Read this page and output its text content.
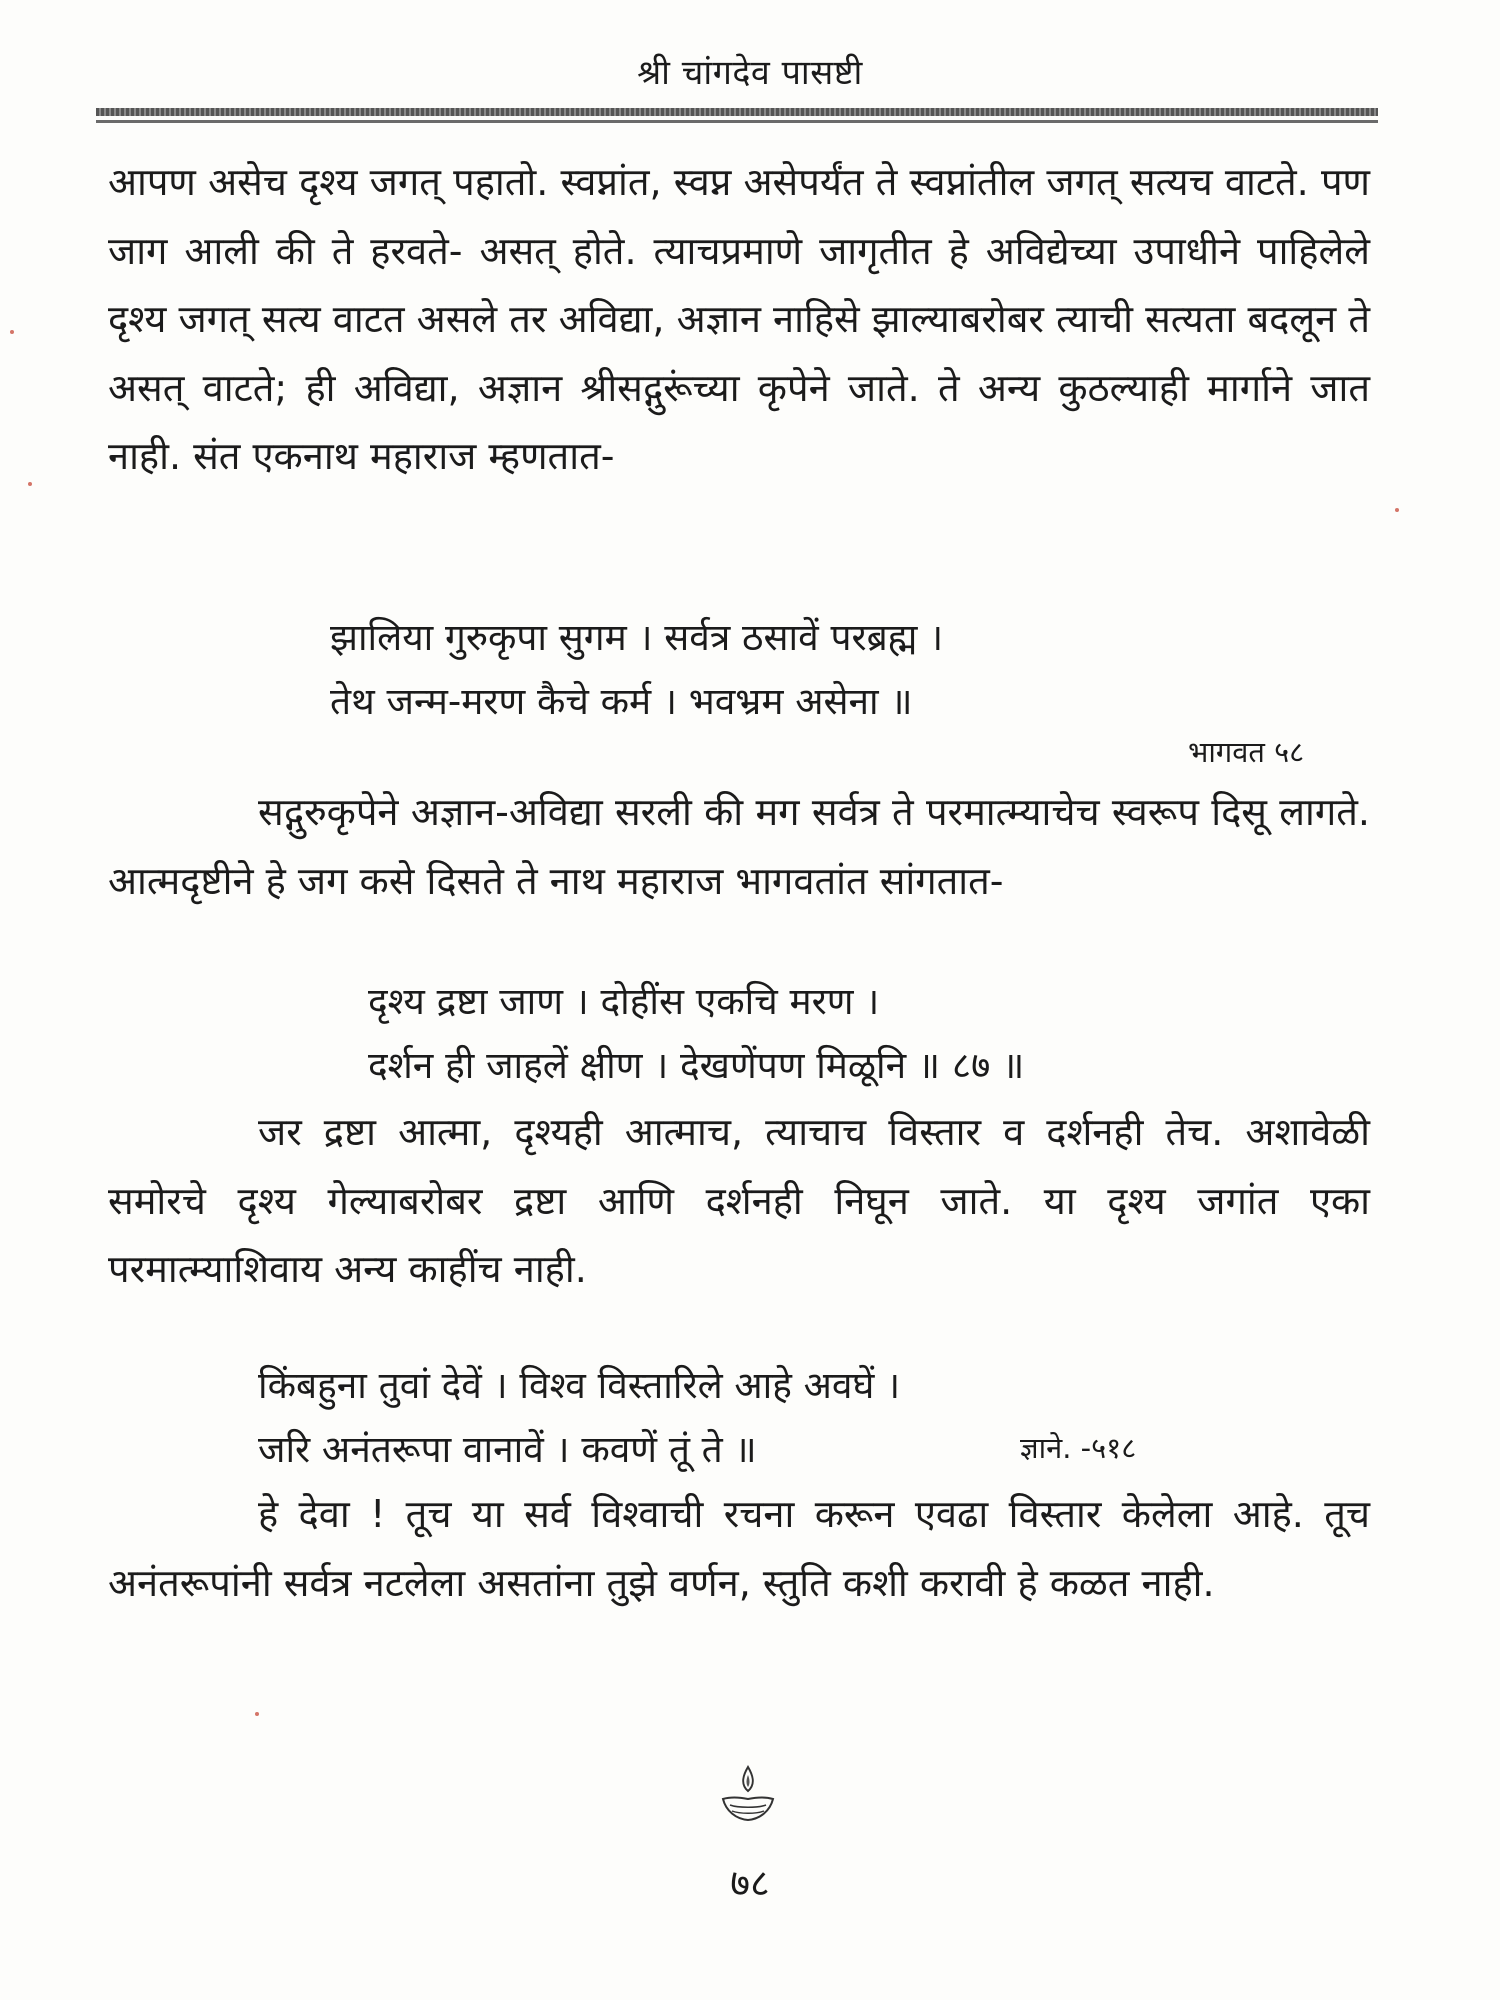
श्री चांगदेव पासष्टी

आपण असेच दृश्य जगत् पहातो. स्वप्नांत, स्वप्न असेपर्यंत ते स्वप्नांतील जगत् सत्यच वाटते. पण जाग आली की ते हरवते- असत् होते. त्याचप्रमाणे जागृतीत हे अविद्येच्या उपाधीने पाहिलेले दृश्य जगत् सत्य वाटत असले तर अविद्या, अज्ञान नाहिसे झाल्याबरोबर त्याची सत्यता बदलून ते असत् वाटते; ही अविद्या, अज्ञान श्रीसद्गुरूंच्या कृपेने जाते. ते अन्य कुठल्याही मार्गाने जात नाही. संत एकनाथ महाराज म्हणतात-

झालिया गुरुकृपा सुगम । सर्वत्र ठसावें परब्रह्म ।
तेथ जन्म-मरण कैचे कर्म । भवभ्रम असेना ॥
भागवत ५८

सद्गुरुकृपेने अज्ञान-अविद्या सरली की मग सर्वत्र ते परमात्म्याचेच स्वरूप दिसू लागते. आत्मदृष्टीने हे जग कसे दिसते ते नाथ महाराज भागवतांत सांगतात-

दृश्य द्रष्टा जाण । दोहींस एकचि मरण ।
दर्शन ही जाहलें क्षीण । देखणेंपण मिळूनि ॥ ८७ ॥

जर द्रष्टा आत्मा, दृश्यही आत्माच, त्याचाच विस्तार व दर्शनही तेच. अशावेळी समोरचे दृश्य गेल्याबरोबर द्रष्टा आणि दर्शनही निघून जाते. या दृश्य जगांत एका परमात्म्याशिवाय अन्य काहींच नाही.

किंबहुना तुवां देवें । विश्व विस्तारिले आहे अवघें ।
जरि अनंतरूपा वानावें । कवणें तूं ते ॥	ज्ञाने. -५१८

हे देवा ! तूच या सर्व विश्वाची रचना करून एवढा विस्तार केलेला आहे. तूच अनंतरूपांनी सर्वत्र नटलेला असतांना तुझे वर्णन, स्तुति कशी करावी हे कळत नाही.

७८
